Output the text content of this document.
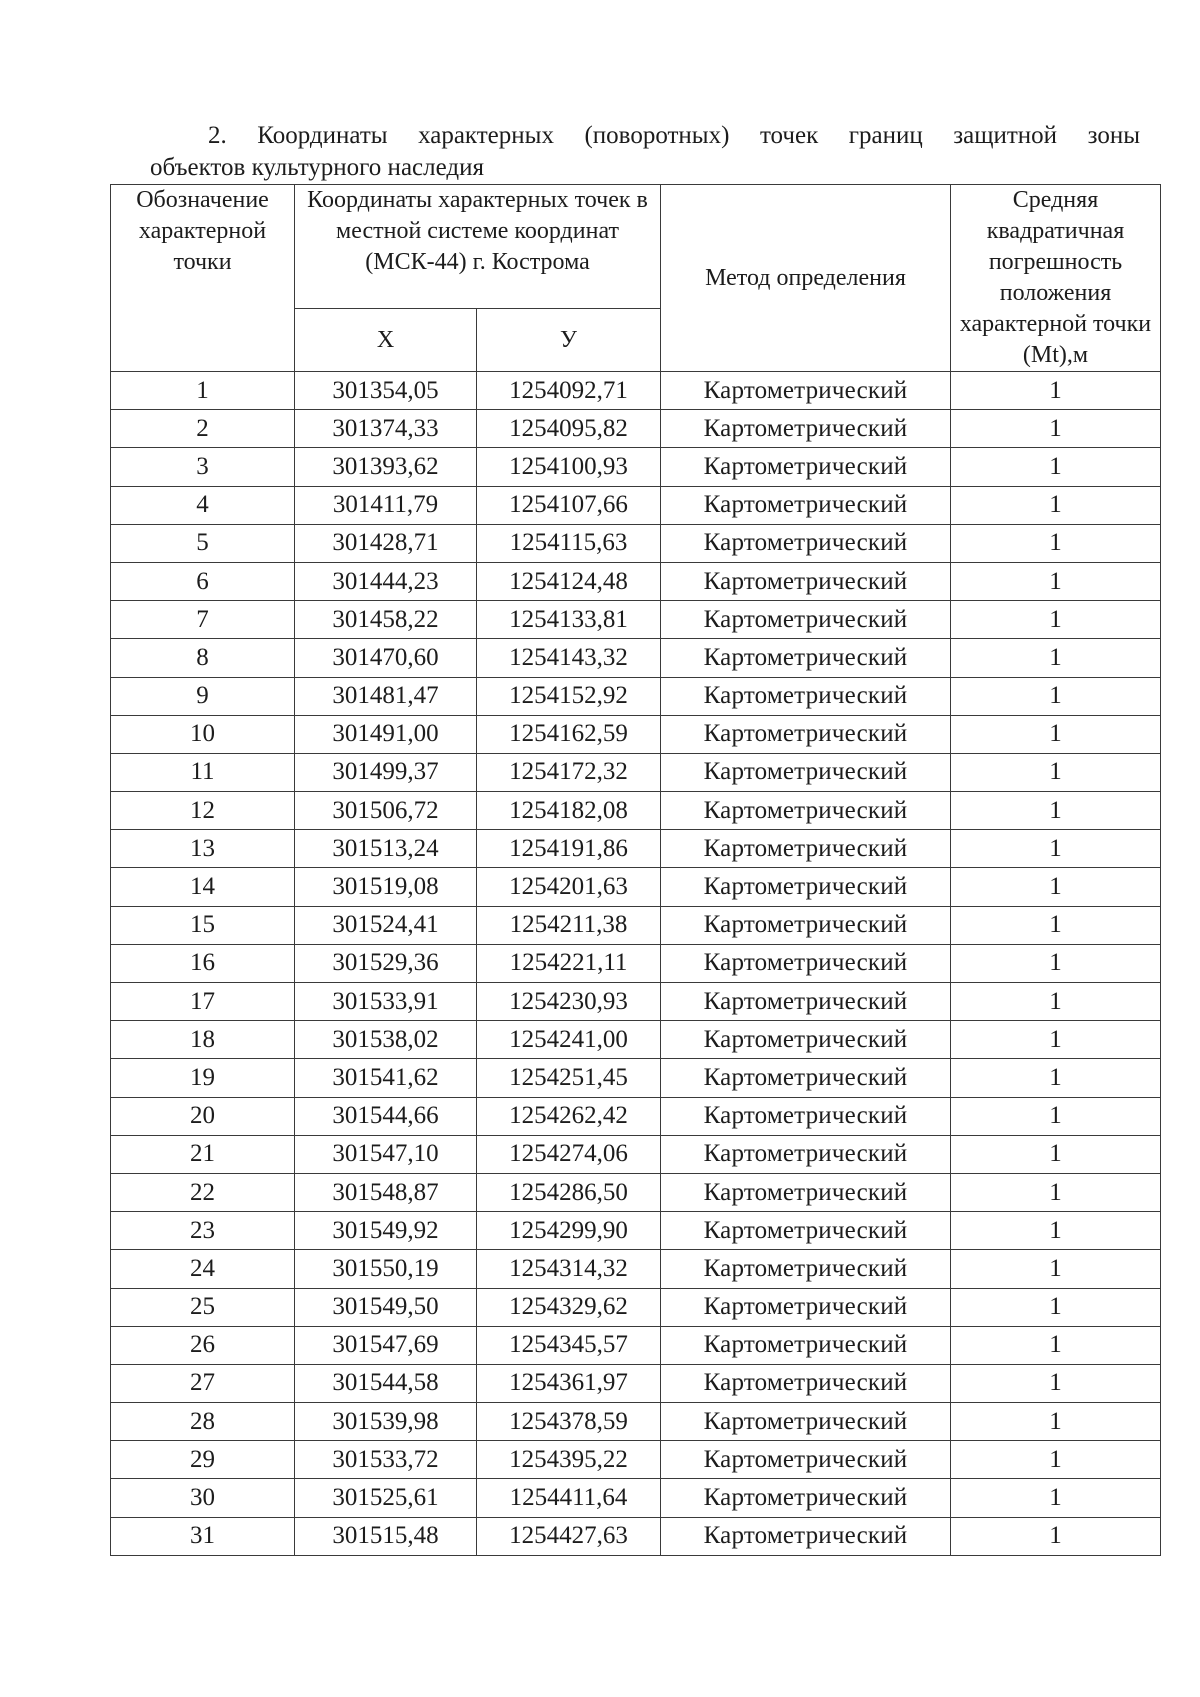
2. Координаты характерных (поворотных) точек границ защитной зоны
объектов культурного наследия

Обозначение характерной точки	Координаты характерных точек в местной системе координат (МСК-44) г. Кострома		Метод определения	Средняя квадратичная погрешность положения характерной точки (Mt),м
	Х	У		
1	301354,05	1254092,71	Картометрический	1
2	301374,33	1254095,82	Картометрический	1
3	301393,62	1254100,93	Картометрический	1
4	301411,79	1254107,66	Картометрический	1
5	301428,71	1254115,63	Картометрический	1
6	301444,23	1254124,48	Картометрический	1
7	301458,22	1254133,81	Картометрический	1
8	301470,60	1254143,32	Картометрический	1
9	301481,47	1254152,92	Картометрический	1
10	301491,00	1254162,59	Картометрический	1
11	301499,37	1254172,32	Картометрический	1
12	301506,72	1254182,08	Картометрический	1
13	301513,24	1254191,86	Картометрический	1
14	301519,08	1254201,63	Картометрический	1
15	301524,41	1254211,38	Картометрический	1
16	301529,36	1254221,11	Картометрический	1
17	301533,91	1254230,93	Картометрический	1
18	301538,02	1254241,00	Картометрический	1
19	301541,62	1254251,45	Картометрический	1
20	301544,66	1254262,42	Картометрический	1
21	301547,10	1254274,06	Картометрический	1
22	301548,87	1254286,50	Картометрический	1
23	301549,92	1254299,90	Картометрический	1
24	301550,19	1254314,32	Картометрический	1
25	301549,50	1254329,62	Картометрический	1
26	301547,69	1254345,57	Картометрический	1
27	301544,58	1254361,97	Картометрический	1
28	301539,98	1254378,59	Картометрический	1
29	301533,72	1254395,22	Картометрический	1
30	301525,61	1254411,64	Картометрический	1
31	301515,48	1254427,63	Картометрический	1
